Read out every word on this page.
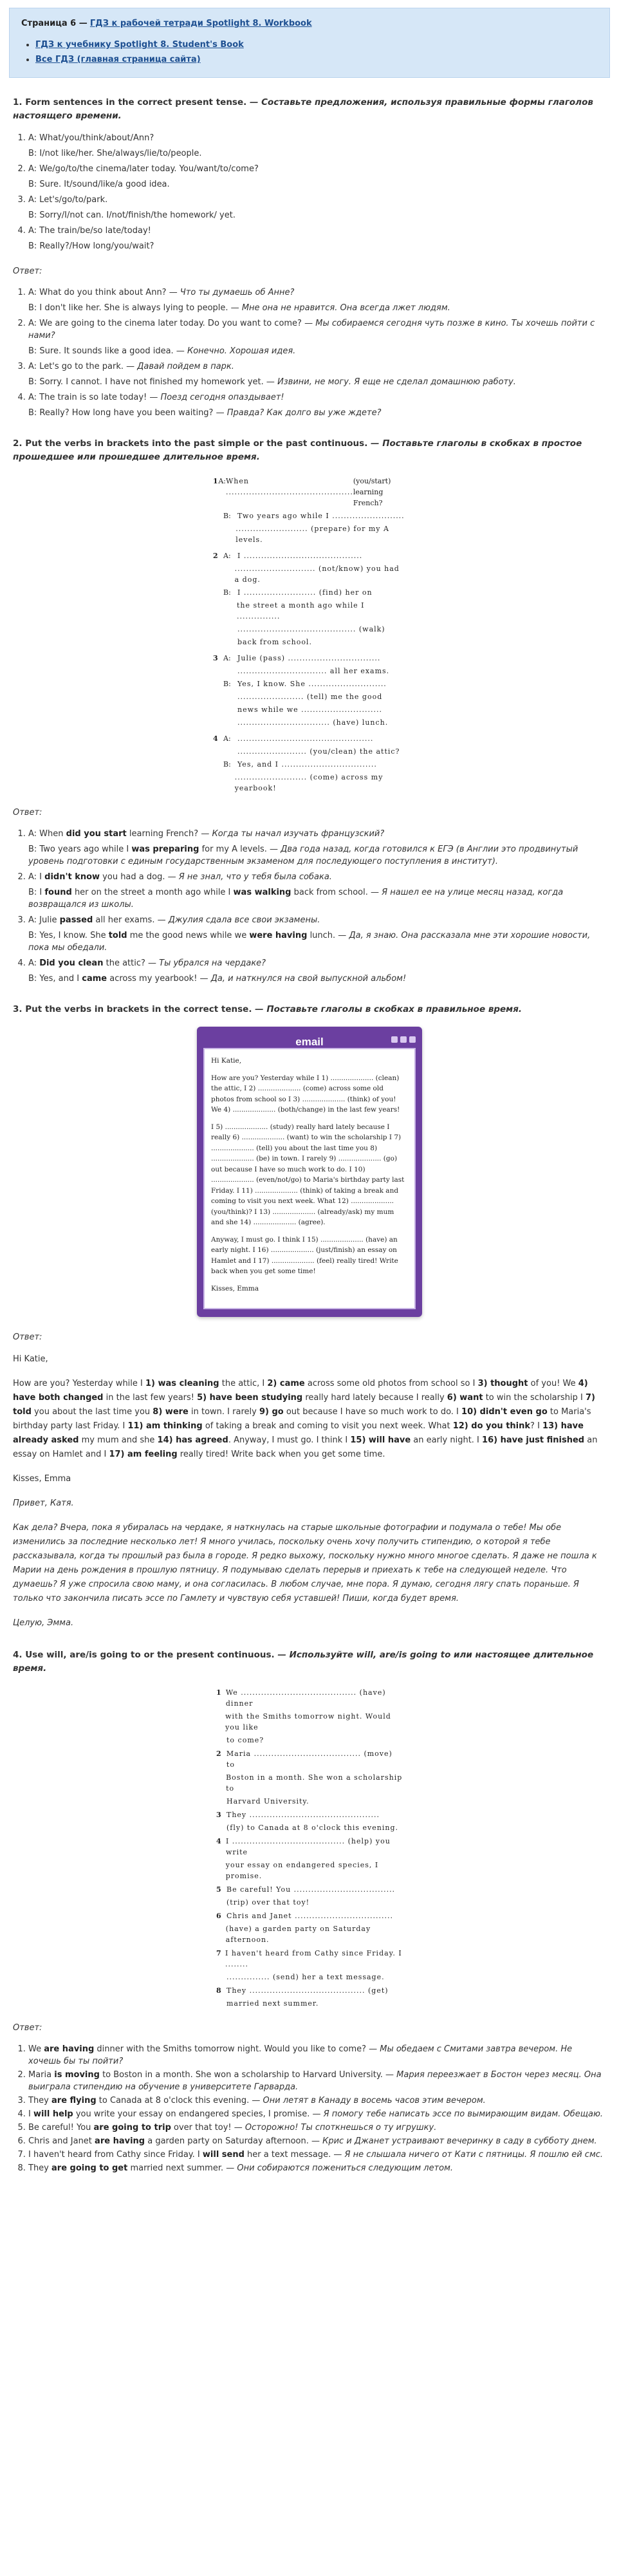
Страница 6 — ГДЗ к рабочей тетради Spotlight 8. Workbook
• ГДЗ к учебнику Spotlight 8. Student's Book
• Все ГДЗ (главная страница сайта)
1. Form sentences in the correct present tense. — Составьте предложения, используя правильные формы глаголов настоящего времени.
1. A: What/you/think/about/Ann?
B: I/not like/her. She/always/lie/to/people.
2. A: We/go/to/the cinema/later today. You/want/to/come?
B: Sure. It/sound/like/a good idea.
3. A: Let's/go/to/park.
B: Sorry/I/not can. I/not/finish/the homework/ yet.
4. A: The train/be/so late/today!
B: Really?/How long/you/wait?
Ответ:
1. A: What do you think about Ann? — Что ты думаешь об Анне?
B: I don't like her. She is always lying to people. — Мне она не нравится. Она всегда лжет людям.
2. A: We are going to the cinema later today. Do you want to come? — Мы собираемся сегодня чуть позже в кино. Ты хочешь пойти с нами?
B: Sure. It sounds like a good idea. — Конечно. Хорошая идея.
3. A: Let's go to the park. — Давай пойдем в парк.
B: Sorry. I cannot. I have not finished my homework yet. — Извини, не могу. Я еще не сделал домашнюю работу.
4. A: The train is so late today! — Поезд сегодня опаздывает!
B: Really? How long have you been waiting? — Правда? Как долго вы уже ждете?
2. Put the verbs in brackets into the past simple or the past continuous. — Поставьте глаголы в скобках в простое прошедшее или прошедшее длительное время.
1 A: When ............................................
(you/start) learning French?
B: Two years ago while I .........................
......................... (prepare) for my A levels.
2 A: I .........................................
............................ (not/know) you had a dog.
B: I ......................... (find) her on
the street a month ago while I ...............
......................................... (walk)
back from school.
3 A: Julie (pass) ................................
............................... all her exams.
B: Yes, I know. She ...........................
....................... (tell) me the good
news while we ............................
................................ (have) lunch.
4 A: ...............................................
........................ (you/clean) the attic?
B: Yes, and I .................................
......................... (come) across my yearbook!
Ответ:
1. A: When did you start learning French? — Когда ты начал изучать французский?
B: Two years ago while I was preparing for my A levels. — Два года назад, когда готовился к ЕГЭ (в Англии это продвинутый уровень подготовки с единым государственным экзаменом для последующего поступления в институт).
2. A: I didn't know you had a dog. — Я не знал, что у тебя была собака.
B: I found her on the street a month ago while I was walking back from school. — Я нашел ее на улице месяц назад, когда возвращался из школы.
3. A: Julie passed all her exams. — Джулия сдала все свои экзамены.
B: Yes, I know. She told me the good news while we were having lunch. — Да, я знаю. Она рассказала мне эти хорошие новости, пока мы обедали.
4. A: Did you clean the attic? — Ты убрался на чердаке?
B: Yes, and I came across my yearbook! — Да, и наткнулся на свой выпускной альбом!
3. Put the verbs in brackets in the correct tense. — Поставьте глаголы в скобках в правильное время.
email

Hi Katie,

How are you? Yesterday while I 1) .................... (clean) the attic, I 2) .................... (come) across some old photos from school so I 3) .................... (think) of you! We 4) .................... (both/change) in the last few years!

I 5) .................... (study) really hard lately because I really 6) .................... (want) to win the scholarship I 7) .................... (tell) you about the last time you 8) .................... (be) in town. I rarely 9) .................... (go) out because I have so much work to do. I 10) .................... (even/not/go) to Maria's birthday party last Friday. I 11) .................... (think) of taking a break and coming to visit you next week. What 12) .................... (you/think)? I 13) .................... (already/ask) my mum and she 14) .................... (agree).

Anyway, I must go. I think I 15) .................... (have) an early night. I 16) .................... (just/finish) an essay on Hamlet and I 17) .................... (feel) really tired! Write back when you get some time!

Kisses, Emma

Ответ:
Hi Katie,
How are you? Yesterday while I 1) was cleaning the attic, I 2) came across some old photos from school so I 3) thought of you! We 4) have both changed in the last few years! 5) have been studying really hard lately because I really 6) want to win the scholarship I 7) told you about the last time you 8) were in town. I rarely 9) go out because I have so much work to do. I 10) didn't even go to Maria's birthday party last Friday. I 11) am thinking of taking a break and coming to visit you next week. What 12) do you think? I 13) have already asked my mum and she 14) has agreed. Anyway, I must go. I think I 15) will have an early night. I 16) have just finished an essay on Hamlet and I 17) am feeling really tired! Write back when you get some time.
Kisses, Emma
Привет, Катя.
Как дела? Вчера, пока я убиралась на чердаке, я наткнулась на старые школьные фотографии и подумала о тебе! Мы обе изменились за последние несколько лет! Я много училась, поскольку очень хочу получить стипендию, о которой я тебе рассказывала, когда ты прошлый раз была в городе. Я редко выхожу, поскольку нужно много многое сделать. Я даже не пошла к Марии на день рождения в прошлую пятницу. Я подумываю сделать перерыв и приехать к тебе на следующей неделе. Что думаешь? Я уже спросила свою маму, и она согласилась. В любом случае, мне пора. Я думаю, сегодня лягу спать пораньше. Я только что закончила писать эссе по Гамлету и чувствую себя уставшей! Пиши, когда будет время.
Целую, Эмма.
4. Use will, are/is going to or the present continuous. — Используйте will, are/is going to или настоящее длительное время.
1 We ........................................ (have) dinner
with the Smiths tomorrow night. Would you like
to come?
2 Maria ..................................... (move) to
Boston in a month. She won a scholarship to
Harvard University.
3 They .............................................
(fly) to Canada at 8 o'clock this evening.
4 I ....................................... (help) you write
your essay on endangered species, I promise.
5 Be careful! You ...................................
(trip) over that toy!
6 Chris and Janet ..................................
(have) a garden party on Saturday afternoon.
7 I haven't heard from Cathy since Friday. I ........
............... (send) her a text message.
8 They ........................................ (get)
married next summer.
Ответ:
1. We are having dinner with the Smiths tomorrow night. Would you like to come? — Мы обедаем с Смитами завтра вечером. Не хочешь бы ты пойти?
2. Maria is moving to Boston in a month. She won a scholarship to Harvard University. — Мария переезжает в Бостон через месяц. Она выиграла стипендию на обучение в университете Гарварда.
3. They are flying to Canada at 8 o'clock this evening. — Они летят в Канаду в восемь часов этим вечером.
4. I will help you write your essay on endangered species, I promise. — Я помогу тебе написать эссе по вымирающим видам. Обещаю.
5. Be careful! You are going to trip over that toy! — Осторожно! Ты споткнешься о ту игрушку.
6. Chris and Janet are having a garden party on Saturday afternoon. — Крис и Джанет устраивают вечеринку в саду в субботу днем.
7. I haven't heard from Cathy since Friday. I will send her a text message. — Я не слышала ничего от Кати с пятницы. Я пошлю ей смс.
8. They are going to get married next summer. — Они собираются пожениться следующим летом.
